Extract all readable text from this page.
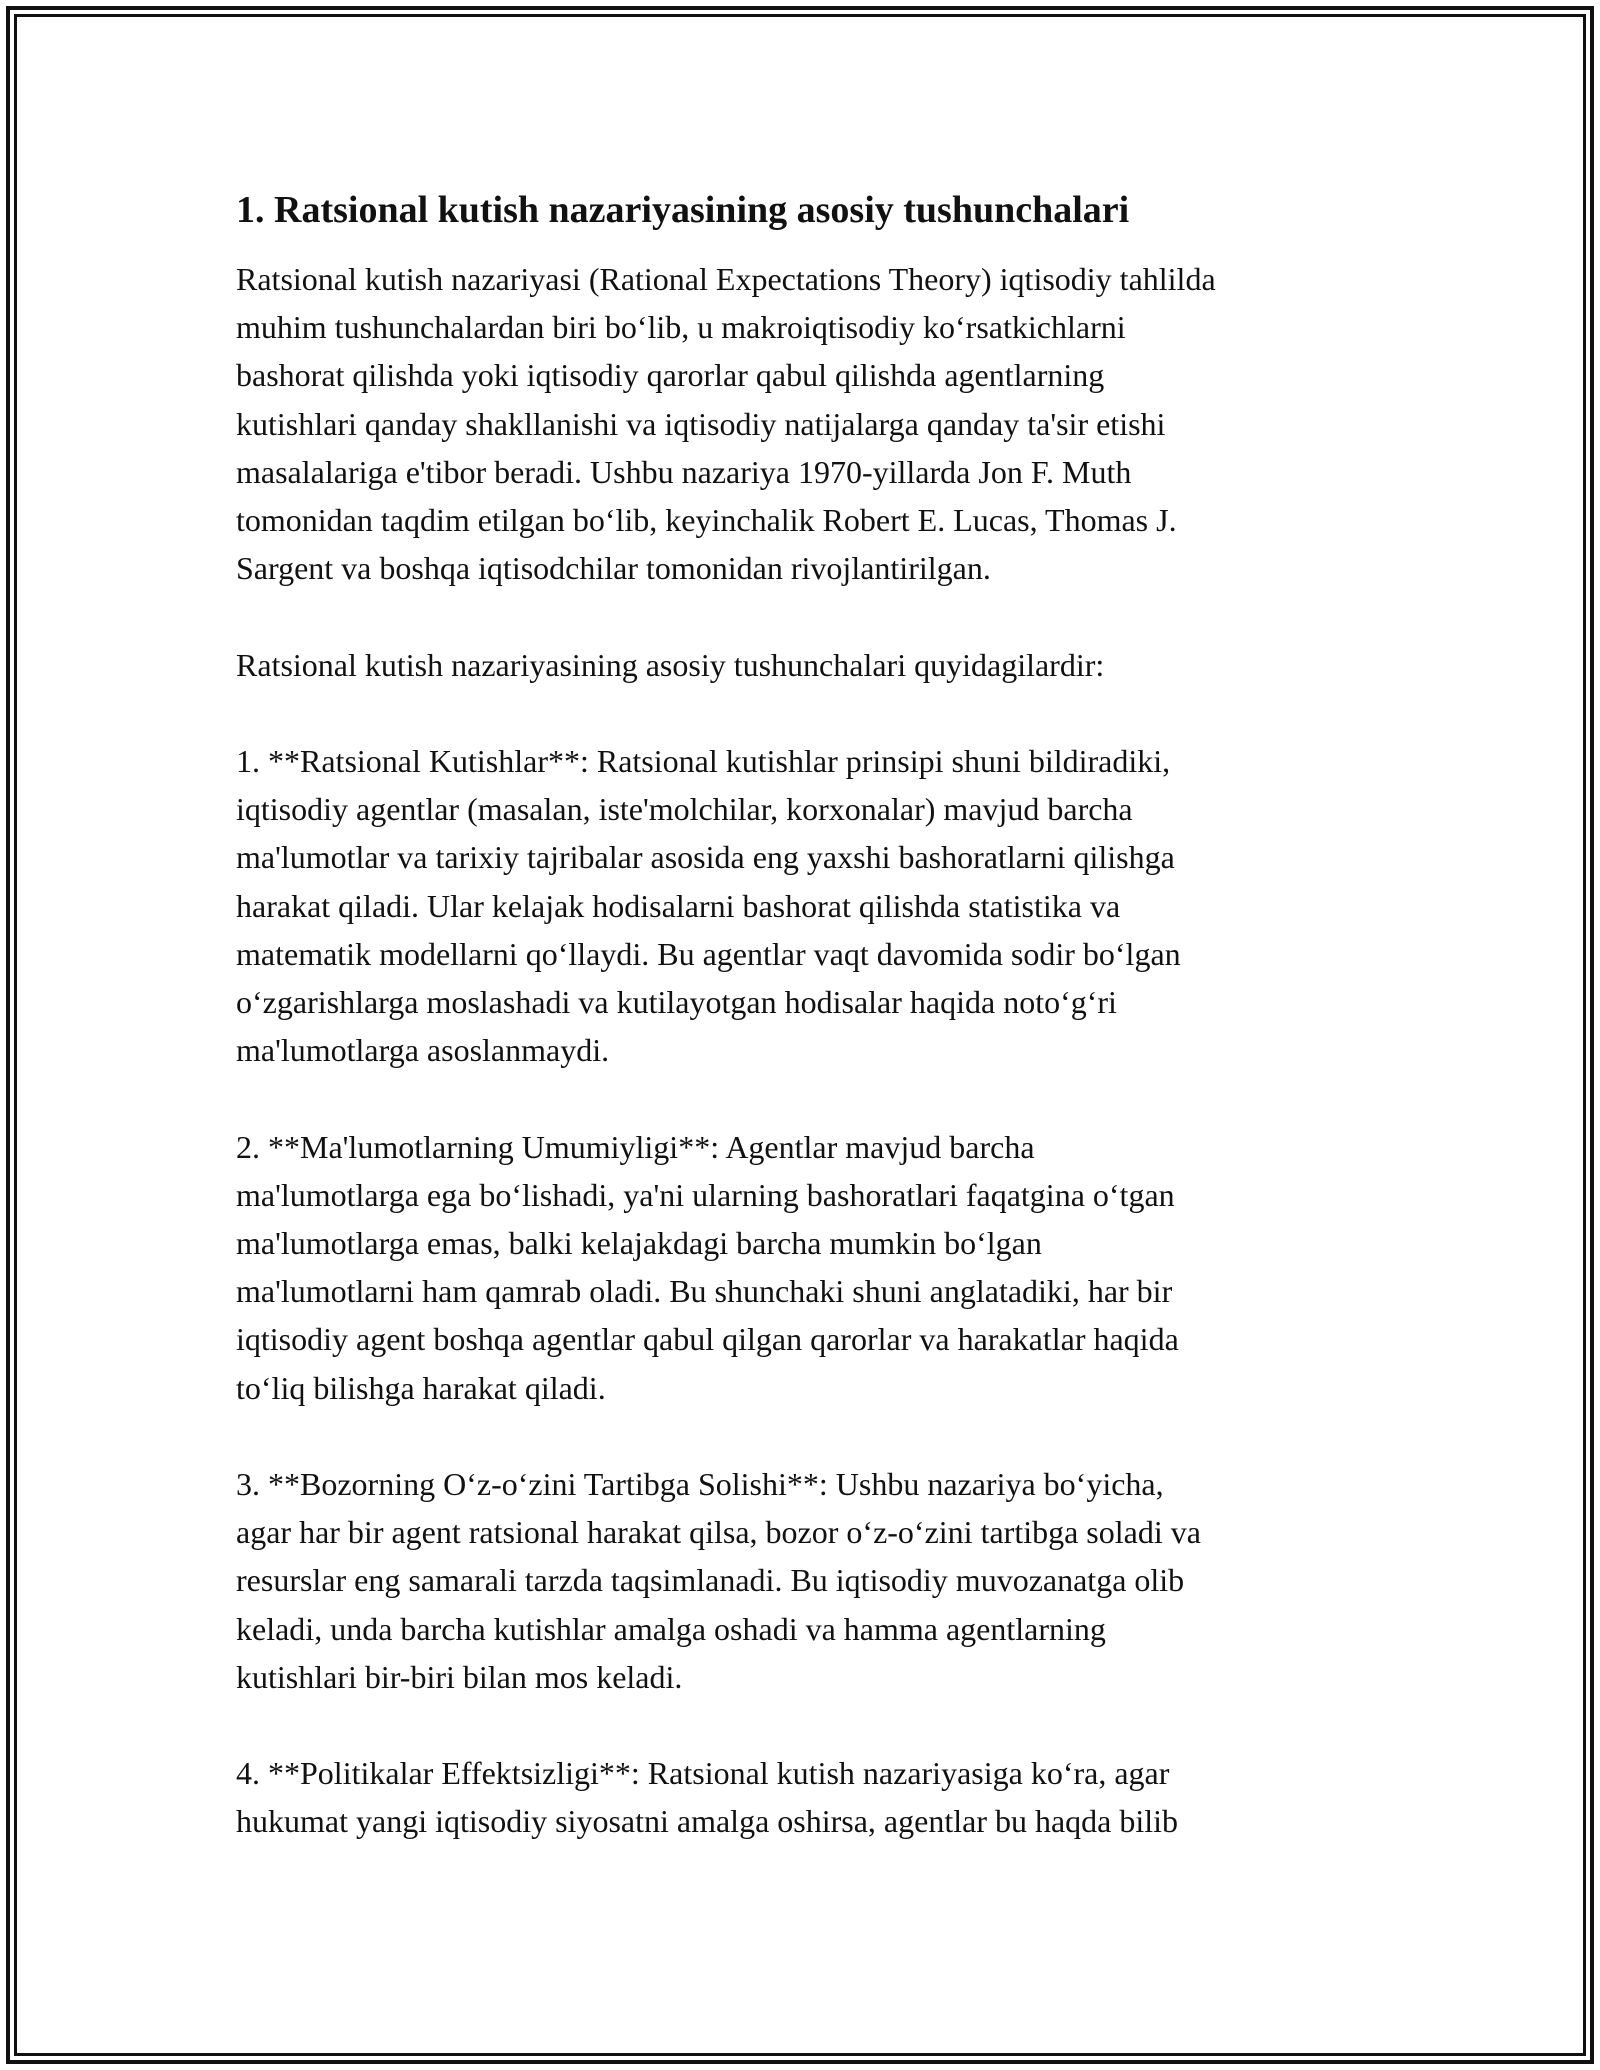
1. Ratsional kutish nazariyasining asosiy tushunchalari

Ratsional kutish nazariyasi (Rational Expectations Theory) iqtisodiy tahlilda
muhim tushunchalardan biri bo‘lib, u makroiqtisodiy ko‘rsatkichlarni
bashorat qilishda yoki iqtisodiy qarorlar qabul qilishda agentlarning
kutishlari qanday shakllanishi va iqtisodiy natijalarga qanday ta'sir etishi
masalalariga e'tibor beradi. Ushbu nazariya 1970-yillarda Jon F. Muth
tomonidan taqdim etilgan bo‘lib, keyinchalik Robert E. Lucas, Thomas J.
Sargent va boshqa iqtisodchilar tomonidan rivojlantirilgan.

Ratsional kutish nazariyasining asosiy tushunchalari quyidagilardir:

1. **Ratsional Kutishlar**: Ratsional kutishlar prinsipi shuni bildiradiki,
iqtisodiy agentlar (masalan, iste'molchilar, korxonalar) mavjud barcha
ma'lumotlar va tarixiy tajribalar asosida eng yaxshi bashoratlarni qilishga
harakat qiladi. Ular kelajak hodisalarni bashorat qilishda statistika va
matematik modellarni qo‘llaydi. Bu agentlar vaqt davomida sodir bo‘lgan
o‘zgarishlarga moslashadi va kutilayotgan hodisalar haqida noto‘g‘ri
ma'lumotlarga asoslanmaydi.

2. **Ma'lumotlarning Umumiyligi**: Agentlar mavjud barcha
ma'lumotlarga ega bo‘lishadi, ya'ni ularning bashoratlari faqatgina o‘tgan
ma'lumotlarga emas, balki kelajakdagi barcha mumkin bo‘lgan
ma'lumotlarni ham qamrab oladi. Bu shunchaki shuni anglatadiki, har bir
iqtisodiy agent boshqa agentlar qabul qilgan qarorlar va harakatlar haqida
to‘liq bilishga harakat qiladi.

3. **Bozorning O‘z-o‘zini Tartibga Solishi**: Ushbu nazariya bo‘yicha,
agar har bir agent ratsional harakat qilsa, bozor o‘z-o‘zini tartibga soladi va
resurslar eng samarali tarzda taqsimlanadi. Bu iqtisodiy muvozanatga olib
keladi, unda barcha kutishlar amalga oshadi va hamma agentlarning
kutishlari bir-biri bilan mos keladi.

4. **Politikalar Effektsizligi**: Ratsional kutish nazariyasiga ko‘ra, agar
hukumat yangi iqtisodiy siyosatni amalga oshirsa, agentlar bu haqda bilib
